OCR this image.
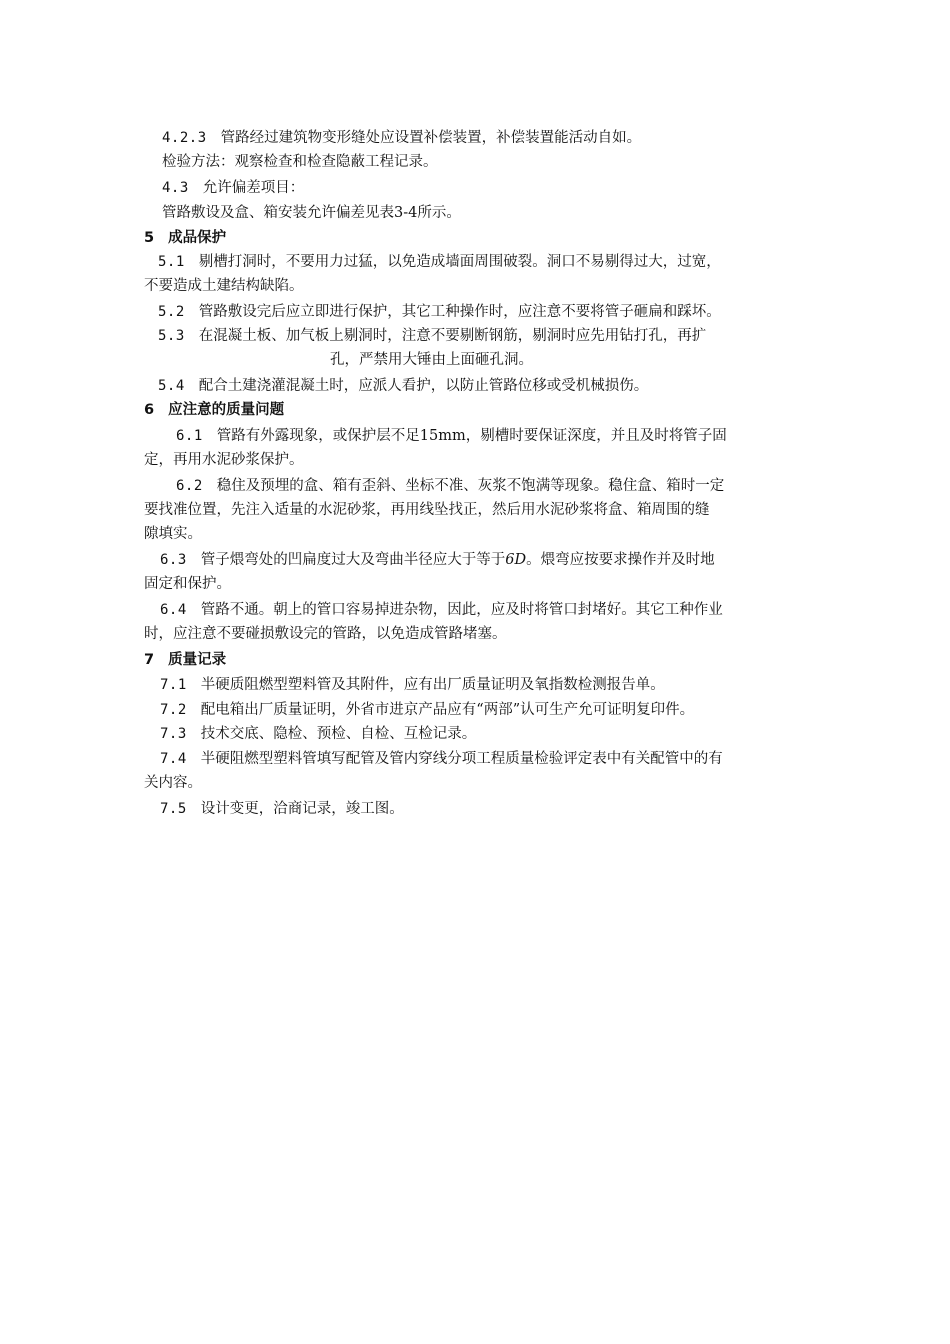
4.2.3 管路经过建筑物变形缝处应设置补偿装置，补偿装置能活动自如。

检验方法：观察检查和检查隐蔽工程记录。

4.3 允许偏差项目：

管路敷设及盒、箱安装允许偏差见表3-4所示。

5 成品保护

5.1 剔槽打洞时，不要用力过猛，以免造成墙面周围破裂。洞口不易剔得过大，过宽，

不要造成土建结构缺陷。

5.2 管路敷设完后应立即进行保护，其它工种操作时，应注意不要将管子砸扁和踩坏。

5.3 在混凝土板、加气板上剔洞时，注意不要剔断钢筋，剔洞时应先用钻打孔，再扩

孔，严禁用大锤由上面砸孔洞。

5.4 配合土建浇灌混凝土时，应派人看护，以防止管路位移或受机械损伤。

6 应注意的质量问题

6.1 管路有外露现象，或保护层不足15mm，剔槽时要保证深度，并且及时将管子固

定，再用水泥砂浆保护。

6.2 稳住及预埋的盒、箱有歪斜、坐标不准、灰浆不饱满等现象。稳住盒、箱时一定

要找准位置，先注入适量的水泥砂浆，再用线坠找正，然后用水泥砂浆将盒、箱周围的缝

隙填实。

6.3 管子煨弯处的凹扁度过大及弯曲半径应大于等于6D。煨弯应按要求操作并及时地

固定和保护。

6.4 管路不通。朝上的管口容易掉进杂物，因此，应及时将管口封堵好。其它工种作业

时，应注意不要碰损敷设完的管路，以免造成管路堵塞。

7 质量记录

7.1 半硬质阻燃型塑料管及其附件，应有出厂质量证明及氧指数检测报告单。

7.2 配电箱出厂质量证明，外省市进京产品应有“两部”认可生产允可证明复印件。

7.3 技术交底、隐检、预检、自检、互检记录。

7.4 半硬阻燃型塑料管填写配管及管内穿线分项工程质量检验评定表中有关配管中的有

关内容。

7.5 设计变更，洽商记录，竣工图。
